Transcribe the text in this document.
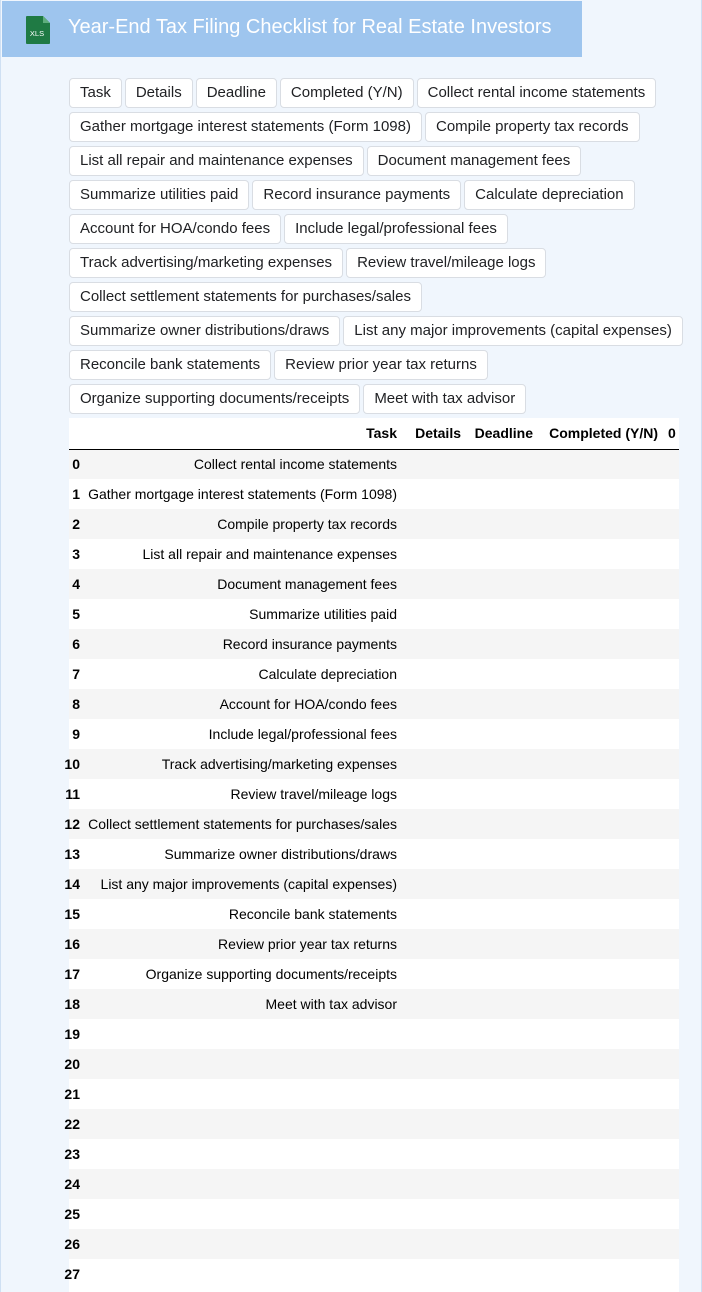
XLS Year-End Tax Filing Checklist for Real Estate Investors
Task	Details	Deadline	Completed (Y/N)	Collect rental income statements
Gather mortgage interest statements (Form 1098)	Compile property tax records
List all repair and maintenance expenses	Document management fees
Summarize utilities paid	Record insurance payments	Calculate depreciation
Account for HOA/condo fees	Include legal/professional fees
Track advertising/marketing expenses	Review travel/mileage logs
Collect settlement statements for purchases/sales
Summarize owner distributions/draws	List any major improvements (capital expenses)
Reconcile bank statements	Review prior year tax returns
Organize supporting documents/receipts	Meet with tax advisor
	Task	Details	Deadline	Completed (Y/N)	0
0	Collect rental income statements				
1	Gather mortgage interest statements (Form 1098)				
2	Compile property tax records				
3	List all repair and maintenance expenses				
4	Document management fees				
5	Summarize utilities paid				
6	Record insurance payments				
7	Calculate depreciation				
8	Account for HOA/condo fees				
9	Include legal/professional fees				
10	Track advertising/marketing expenses				
11	Review travel/mileage logs				
12	Collect settlement statements for purchases/sales				
13	Summarize owner distributions/draws				
14	List any major improvements (capital expenses)				
15	Reconcile bank statements				
16	Review prior year tax returns				
17	Organize supporting documents/receipts				
18	Meet with tax advisor				
19					
20					
21					
22					
23					
24					
25					
26					
27					
